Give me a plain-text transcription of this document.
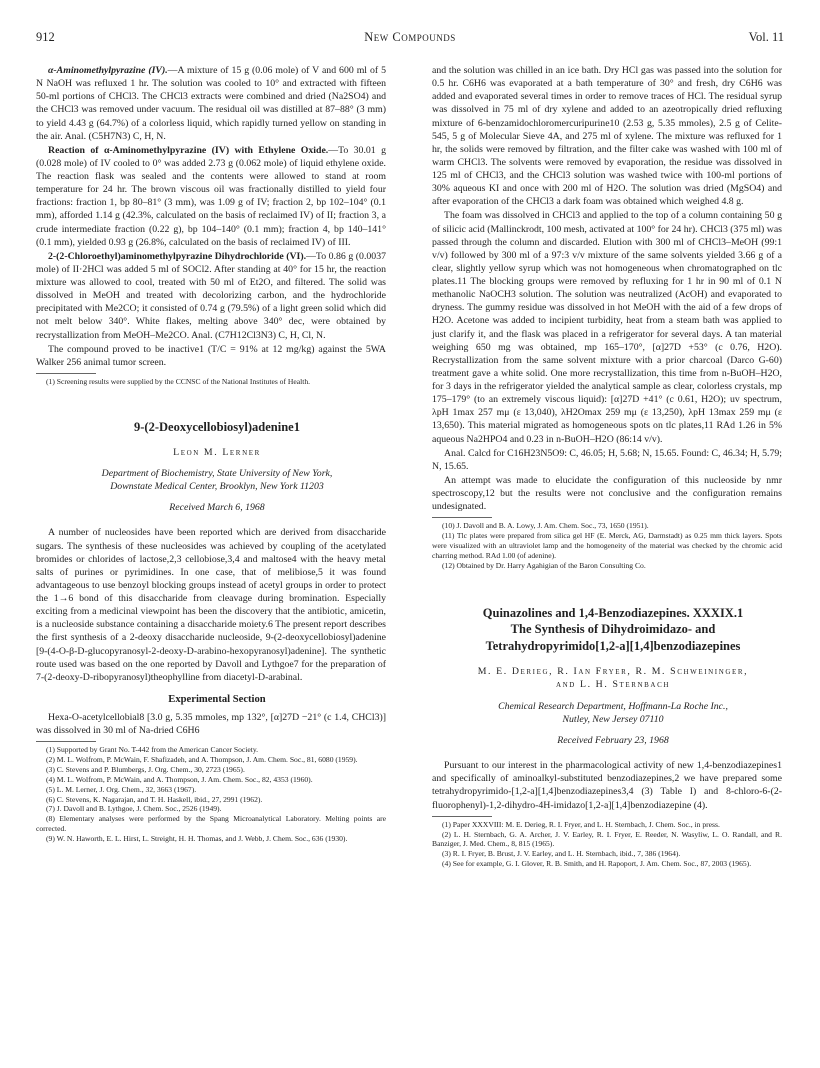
912	New Compounds	Vol. 11

α-Aminomethylpyrazine (IV).—A mixture of 15 g (0.06 mole) of V and 600 ml of 5 N NaOH was refluxed 1 hr. The solution was cooled to 10° and extracted with fifteen 50-ml portions of CHCl3. The CHCl3 extracts were combined and dried (Na2SO4) and the CHCl3 was removed under vacuum. The residual oil was distilled at 87–88° (3 mm) to yield 4.43 g (64.7%) of a colorless liquid, which rapidly turned yellow on standing in the air. Anal. (C5H7N3) C, H, N.

Reaction of α-Aminomethylpyrazine (IV) with Ethylene Oxide.—To 30.01 g (0.028 mole) of IV cooled to 0° was added 2.73 g (0.062 mole) of liquid ethylene oxide. The reaction flask was sealed and the contents were allowed to stand at room temperature for 24 hr. The brown viscous oil was fractionally distilled to yield four fractions: fraction 1, bp 80–81° (3 mm), was 1.09 g of IV; fraction 2, bp 102–104° (0.1 mm), afforded 1.14 g (42.3%, calculated on the basis of reclaimed IV) of II; fraction 3, a crude intermediate fraction (0.22 g), bp 104–140° (0.1 mm); fraction 4, bp 140–141° (0.1 mm), yielded 0.93 g (26.8%, calculated on the basis of reclaimed IV) of III.

2-(2-Chloroethyl)aminomethylpyrazine Dihydrochloride (VI).—To 0.86 g (0.0037 mole) of II·2HCl was added 5 ml of SOCl2. After standing at 40° for 15 hr, the reaction mixture was allowed to cool, treated with 50 ml of Et2O, and filtered. The solid was dissolved in MeOH and treated with decolorizing carbon, and the hydrochloride precipitated with Me2CO; it consisted of 0.74 g (79.5%) of a light green solid which did not melt below 340°. White flakes, melting above 340° dec, were obtained by recrystallization from MeOH–Me2CO. Anal. (C7H12Cl3N3) C, H, Cl, N.

The compound proved to be inactive1 (T/C = 91% at 12 mg/kg) against the 5WA Walker 256 animal tumor screen.

(1) Screening results were supplied by the CCNSC of the National Institutes of Health.

9-(2-Deoxycellobiosyl)adenine1

Leon M. Lerner

Department of Biochemistry, State University of New York,

Downstate Medical Center, Brooklyn, New York 11203

Received March 6, 1968

A number of nucleosides have been reported which are derived from disaccharide sugars. The synthesis of these nucleosides was achieved by coupling of the acetylated bromides or chlorides of lactose,2,3 cellobiose,3,4 and maltose4 with the heavy metal salts of purines or pyrimidines. In one case, that of melibiose,5 it was found advantageous to use benzoyl blocking groups instead of acetyl groups in order to protect the 1→6 bond of this disaccharide from cleavage during bromination. Especially exciting from a medicinal viewpoint has been the discovery that the antibiotic, amicetin, is a nucleoside substance containing a disaccharide moiety.6 The present report describes the first synthesis of a 2-deoxy disaccharide nucleoside, 9-(2-deoxycellobiosyl)adenine [9-(4-O-β-D-glucopyranosyl-2-deoxy-D-arabino-hexopyranosyl)adenine]. The synthetic route used was based on the one reported by Davoll and Lythgoe7 for the preparation of 7-(2-deoxy-D-ribopyranosyl)theophylline from diacetyl-D-arabinal.

Experimental Section

Hexa-O-acetylcellobial8 [3.0 g, 5.35 mmoles, mp 132°, [α]27D −21° (c 1.4, CHCl3)] was dissolved in 30 ml of Na-dried C6H6

(1) Supported by Grant No. T-442 from the American Cancer Society.

(2) M. L. Wolfrom, P. McWain, F. Shafizadeh, and A. Thompson, J. Am. Chem. Soc., 81, 6080 (1959).

(3) C. Stevens and P. Blumbergs, J. Org. Chem., 30, 2723 (1965).

(4) M. L. Wolfrom, P. McWain, and A. Thompson, J. Am. Chem. Soc., 82, 4353 (1960).

(5) L. M. Lerner, J. Org. Chem., 32, 3663 (1967).

(6) C. Stevens, K. Nagarajan, and T. H. Haskell, ibid., 27, 2991 (1962).

(7) J. Davoll and B. Lythgoe, J. Chem. Soc., 2526 (1949).

(8) Elementary analyses were performed by the Spang Microanalytical Laboratory. Melting points are corrected.

(9) W. N. Haworth, E. L. Hirst, L. Streight, H. H. Thomas, and J. Webb, J. Chem. Soc., 636 (1930).

and the solution was chilled in an ice bath. Dry HCl gas was passed into the solution for 0.5 hr. C6H6 was evaporated at a bath temperature of 30° and fresh, dry C6H6 was added and evaporated several times in order to remove traces of HCl. The residual syrup was dissolved in 75 ml of dry xylene and added to an azeotropically dried refluxing mixture of 6-benzamidochloromercuripurine10 (2.53 g, 5.35 mmoles), 2.5 g of Celite-545, 5 g of Molecular Sieve 4A, and 275 ml of xylene. The mixture was refluxed for 1 hr, the solids were removed by filtration, and the filter cake was washed with 100 ml of warm CHCl3. The solvents were removed by evaporation, the residue was dissolved in 125 ml of CHCl3, and the CHCl3 solution was washed twice with 100-ml portions of 30% aqueous KI and once with 200 ml of H2O. The solution was dried (MgSO4) and after evaporation of the CHCl3 a dark foam was obtained which weighed 4.8 g.

The foam was dissolved in CHCl3 and applied to the top of a column containing 50 g of silicic acid (Mallinckrodt, 100 mesh, activated at 100° for 24 hr). CHCl3 (375 ml) was passed through the column and discarded. Elution with 300 ml of CHCl3–MeOH (99:1 v/v) followed by 300 ml of a 97:3 v/v mixture of the same solvents yielded 3.66 g of a clear, slightly yellow syrup which was not homogeneous when chromatographed on tlc plates.11 The blocking groups were removed by refluxing for 1 hr in 90 ml of 0.1 N methanolic NaOCH3 solution. The solution was neutralized (AcOH) and evaporated to dryness. The gummy residue was dissolved in hot MeOH with the aid of a few drops of H2O. Acetone was added to incipient turbidity, heat from a steam bath was applied to just clarify it, and the flask was placed in a refrigerator for several days. A tan material weighing 650 mg was obtained, mp 165–170°, [α]27D +53° (c 0.76, H2O). Recrystallization from the same solvent mixture with a prior charcoal (Darco G-60) treatment gave a white solid. One more recrystallization, this time from n-BuOH–H2O, for 3 days in the refrigerator yielded the analytical sample as clear, colorless crystals, mp 175–179° (to an extremely viscous liquid): [α]27D +41° (c 0.61, H2O); uv spectrum, λpH 1max 257 mμ (ε 13,040), λH2Omax 259 mμ (ε 13,250), λpH 13max 259 mμ (ε 13,650). This material migrated as homogeneous spots on tlc plates,11 RAd 1.26 in 5% aqueous Na2HPO4 and 0.23 in n-BuOH–H2O (86:14 v/v).

Anal. Calcd for C16H23N5O9: C, 46.05; H, 5.68; N, 15.65. Found: C, 46.34; H, 5.79; N, 15.65.

An attempt was made to elucidate the configuration of this nucleoside by nmr spectroscopy,12 but the results were not conclusive and the configuration remains undesignated.

(10) J. Davoll and B. A. Lowy, J. Am. Chem. Soc., 73, 1650 (1951).

(11) Tlc plates were prepared from silica gel HF (E. Merck, AG, Darmstadt) as 0.25 mm thick layers. Spots were visualized with an ultraviolet lamp and the homogeneity of the material was checked by the chromic acid charring method. RAd 1.00 (of adenine).

(12) Obtained by Dr. Harry Agahigian of the Baron Consulting Co.

Quinazolines and 1,4-Benzodiazepines. XXXIX.1

The Synthesis of Dihydroimidazo- and

Tetrahydropyrimido[1,2-a][1,4]benzodiazepines

M. E. Derieg, R. Ian Fryer, R. M. Schweininger,

and L. H. Sternbach

Chemical Research Department, Hoffmann-La Roche Inc.,

Nutley, New Jersey 07110

Received February 23, 1968

Pursuant to our interest in the pharmacological activity of new 1,4-benzodiazepines1 and specifically of aminoalkyl-substituted benzodiazepines,2 we have prepared some tetrahydropyrimido-[1,2-a][1,4]benzodiazepines3,4 (3) Table I) and 8-chloro-6-(2-fluorophenyl)-1,2-dihydro-4H-imidazo[1,2-a][1,4]benzodiazepine (4).

(1) Paper XXXVIII: M. E. Derieg, R. I. Fryer, and L. H. Sternbach, J. Chem. Soc., in press.

(2) L. H. Sternbach, G. A. Archer, J. V. Earley, R. I. Fryer, E. Reeder, N. Wasyliw, L. O. Randall, and R. Banziger, J. Med. Chem., 8, 815 (1965).

(3) R. I. Fryer, B. Brust, J. V. Earley, and L. H. Sternbach, ibid., 7, 386 (1964).

(4) See for example, G. I. Glover, R. B. Smith, and H. Rapoport, J. Am. Chem. Soc., 87, 2003 (1965).
